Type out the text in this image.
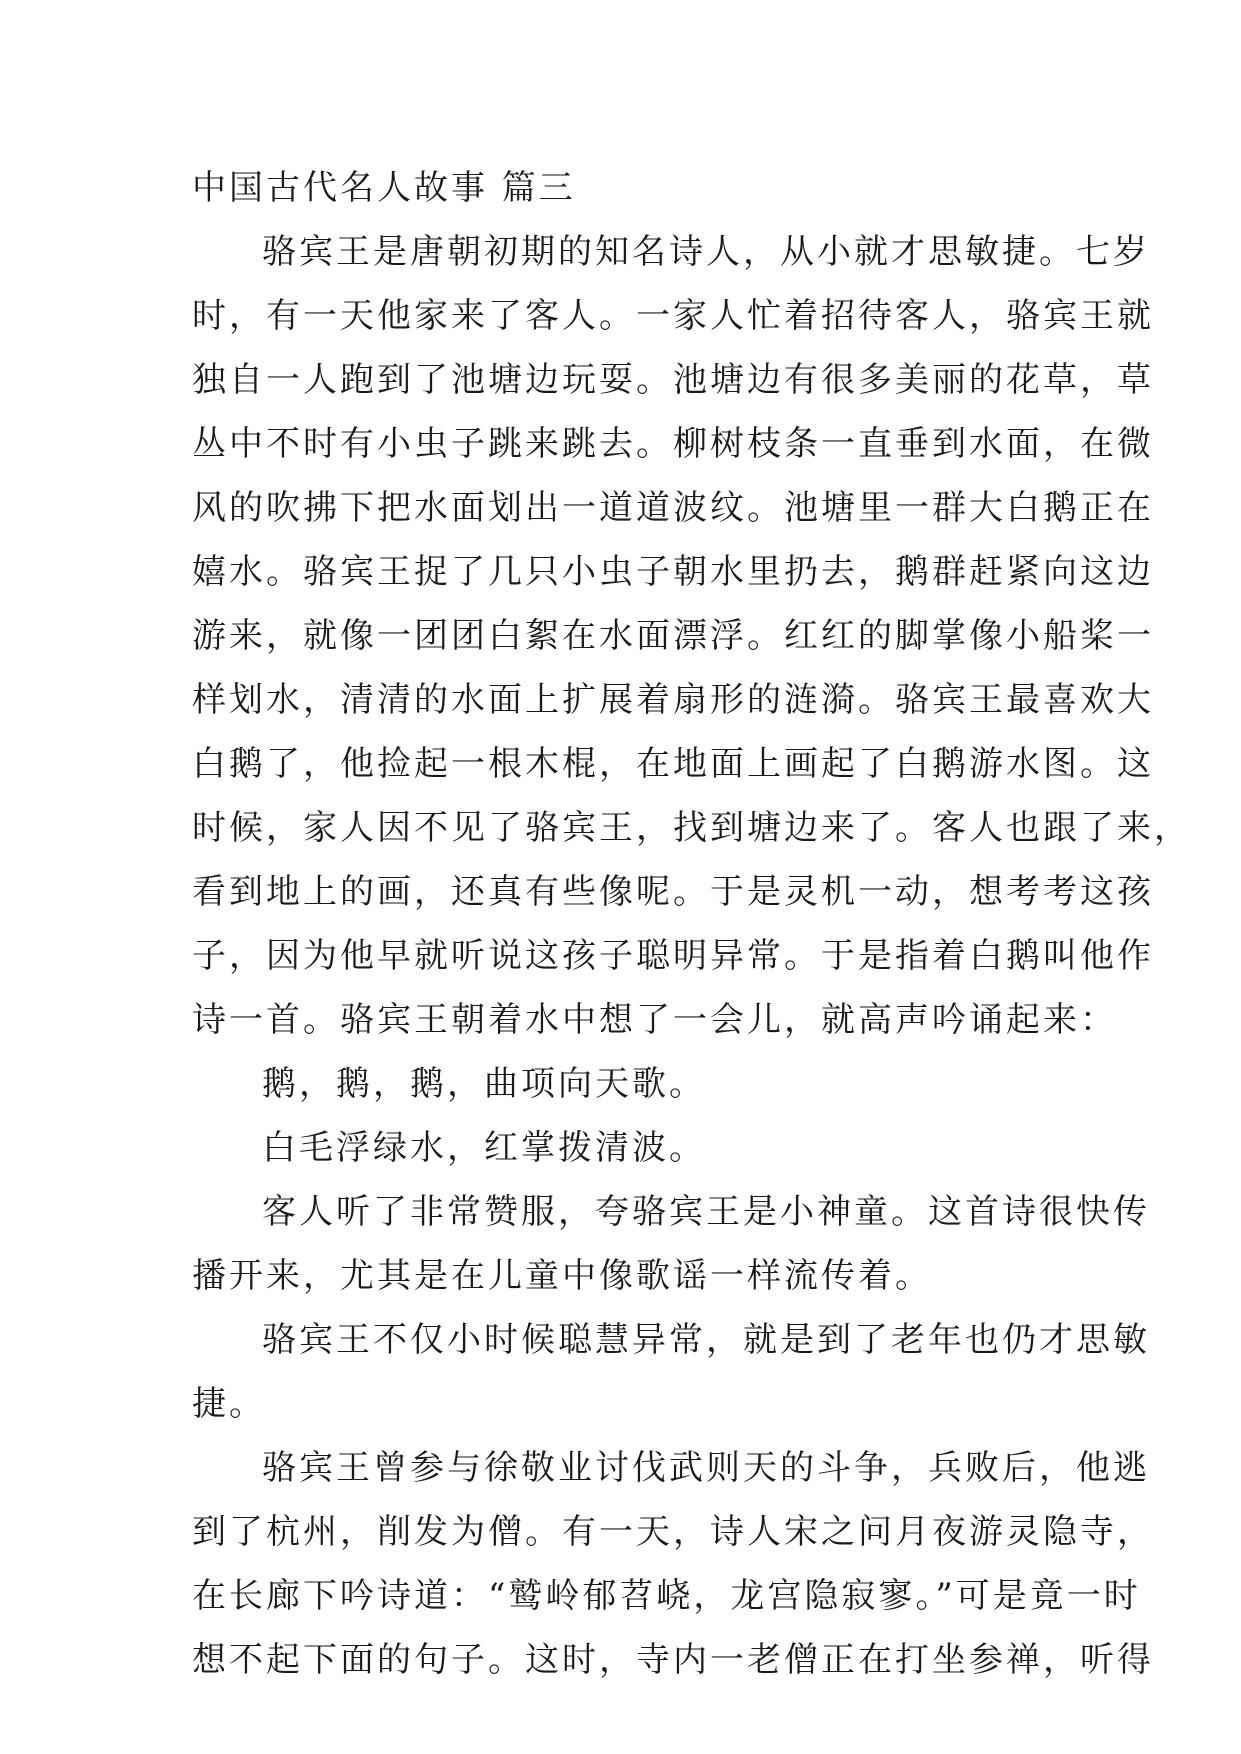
中国古代名人故事 篇三
骆宾王是唐朝初期的知名诗人，从小就才思敏捷。七岁
时，有一天他家来了客人。一家人忙着招待客人，骆宾王就
独自一人跑到了池塘边玩耍。池塘边有很多美丽的花草，草
丛中不时有小虫子跳来跳去。柳树枝条一直垂到水面，在微
风的吹拂下把水面划出一道道波纹。池塘里一群大白鹅正在
嬉水。骆宾王捉了几只小虫子朝水里扔去，鹅群赶紧向这边
游来，就像一团团白絮在水面漂浮。红红的脚掌像小船桨一
样划水，清清的水面上扩展着扇形的涟漪。骆宾王最喜欢大
白鹅了，他捡起一根木棍，在地面上画起了白鹅游水图。这
时候，家人因不见了骆宾王，找到塘边来了。客人也跟了来，
看到地上的画，还真有些像呢。于是灵机一动，想考考这孩
子，因为他早就听说这孩子聪明异常。于是指着白鹅叫他作
诗一首。骆宾王朝着水中想了一会儿，就高声吟诵起来：
鹅，鹅，鹅，曲项向天歌。
白毛浮绿水，红掌拨清波。
客人听了非常赞服，夸骆宾王是小神童。这首诗很快传
播开来，尤其是在儿童中像歌谣一样流传着。
骆宾王不仅小时候聪慧异常，就是到了老年也仍才思敏
捷。
骆宾王曾参与徐敬业讨伐武则天的斗争，兵败后，他逃
到了杭州，削发为僧。有一天，诗人宋之问月夜游灵隐寺，
在长廊下吟诗道：“鹫岭郁苕峣，龙宫隐寂寥。”可是竟一时
想不起下面的句子。这时，寺内一老僧正在打坐参禅，听得
